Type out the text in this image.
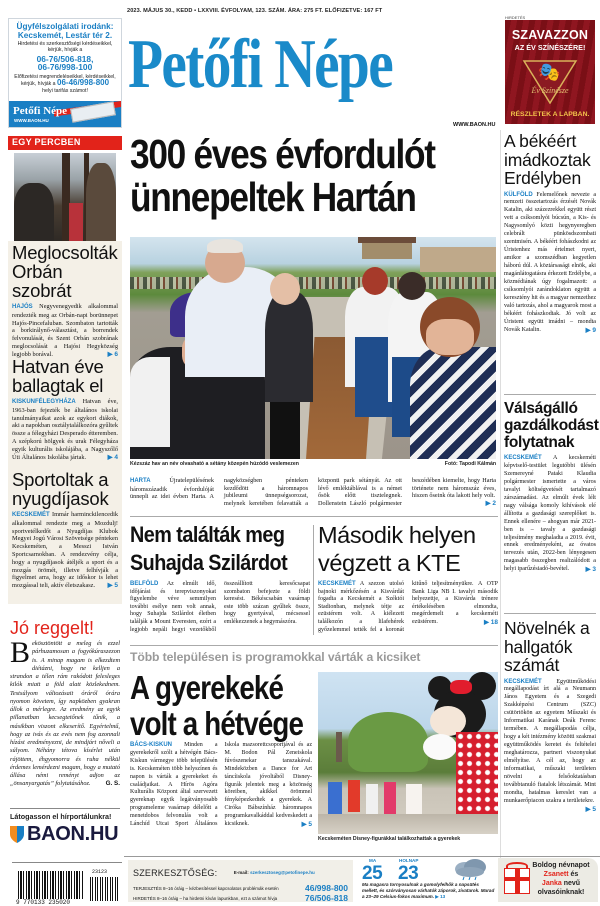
Ügyfélszolgálati irodánk:
Kecskemét, Lestár tér 2.
Hirdetési és szerkesztőségi kérdéseikkel, kérjük, hívják a
06-76/506-818,
06-76/998-100
Előfizetési megrendeléseikkel, kérdéseikkel, kérjük, hívják a 06-46/998-800
helyi tarifás számot!
Petőfi Népe
WWW.BAON.HU
EGY PERCBEN
Meglocsolták Orbán szobrát
HAJÓS Negyvenegyedik alkalommal rendezték meg az Orbán-napi borünnepet Hajós-Pincefaluban. Szombaton tartották a borkirálynő-választást, a borrendek felvonulását, és Szent Orbán szobrának meglocsolását a Hajósi Hegyközség legjobb borával.	▶ 6
Hatvan éve ballagtak el
KISKUNFÉLEGYHÁZA Hatvan éve, 1963-ban fejezték be általános iskolai tanulmányaikat azok az egykori diákok, aki a napokban osztálytalálkozóra gyűltek össze a félegyházi Desperado étteremben. A szépkorú hölgyek és urak Félegyháza egyik kulturális iskolájába, a Nagyszőlő Úti Általános Iskolába jártak.	▶ 4
Sportoltak a nyugdíjasok
KECSKEMÉT Immár harminckilencedik alkalommal rendezte meg a Mozdulj! sportvetélkedőt a Nyugdíjas Klubok Megyei Jogú Városi Szövetsége pénteken Kecskeméten, a Messzi István Sportcsarnokban. A rendezvény célja, hogy a nyugdíjasok átéljék a sport és a mozgás örömét, illetve felhívják a figyelmet arra, hogy az időskor is lehet mozgással teli, aktív életszakasz. ▶ 5
Jó reggelt!
B ekösztöntött a meleg és ezzel párhuzamosan a fogyókúraszezon is. A minap magam is elkezdtem diétázni, hogy ne kelljen a strandon a télen rám rakódott felesleges kilók miatt a föld alatt közlekednem. Testsúlyom változásait óráról órára nyomon követem, így napközben gyakran állok a mérlegre. Az eredmény az egyik pillanatban kecsegtetőnek tűnik, a másikban viszont elkeserítő. Egyértelmű, hogy az ivás és az evés nem fog azonnali hízást eredményezni, de mindjárt nőveli a súlyom. Néhány tétova kísérlet után rájöttem, éhgyomorra és ruha nélkül érdemes lemérdezni magam, hogy a mutató állása némi reményt adjon az „önsanyargatás” folytatásához. G. S.
Látogasson el hírportálunkra!
BAON.HU
9 770133 235020
23123
2023. MÁJUS 30., KEDD • LXXVIII. ÉVFOLYAM, 123. SZÁM. ÁRA: 275 FT. ELŐFIZETVE: 167 FT
Petőfi Népe
WWW.BAON.HU
HIRDETÉS
SZAVAZZON
AZ ÉV SZÍNÉSZÉRE!
🎭
Év Színésze
RÉSZLETEK A LAPBAN.
300 éves évfordulót
ünnepeltek Hartán
Kézszáz hav an név olvasható a sétány közepén húzódó veslemezen	Fotó: Tapodi Kálmán
HARTA	Újratelepülésének háromszázadik évfordulóját ünnepli az idei évben Harta. A nagyközségben pénteken kezdődött a háromnapos jubileumi ünnepségsorozat, melynek keretében felavatták a központi park sétányát. Az ott lévő emléktáblával is a német ősök előtt tisztelegnek. Dollenstein László polgármester beszédében kiemelte, hogy Harta története nem háromszáz éves, hiszen őseink óta lakott hely volt.
▶ 2
Nem találták meg
Suhajda Szilárdot
Második helyen
végzett a KTE
BELFÖLD Az elmúlt idő, időjárási és terepviszonyokat figyelembe véve semmilyen további esélye nem volt annak, hogy Suhajda Szilárdot életben találják a Mount Everesten, ezért a legjobb nepáli hegyi vezetőkből összeállított keresőcsapat szombaton befejezte a földi keresést. Békéscsabán vasárnap este több százan gyűltek össze, hogy gyertyával, mécsessel emlékezzenek a hegymászóra.
KECSKEMÉT A szezon utolsó bajnoki mérkőzésén a Kisvárdát fogadta a Kecskemét a Széktói Stadionban, melynek tétje az ezüstérem volt. A kiélezett találkozón a lilafehérek győzelemmel tették fel a koronát kitűnő teljesítményükre. A OTP Bank Liga NB I. tavalyi második helyezettje, a Kisvárda trénere értékelésében elmondta, megérdemelt a kecskeméti ezüstérem.	▶ 18
Több településen is programokkal várták a kicsiket
A gyerekeké
volt a hétvége
BÁCS-KISKUN Minden a gyerekekről szólt a hétvégén Bács-Kiskun vármegye több településén is. Kecskeméten több helyszínen és napon is várták a gyerekeket és családjaikat. A Hírös Agóra Kulturális Központ által szervezett gyereknap egyik legátványosabb programeleme vasárnap délelőtt a menetdobos felvonulás volt a Lánchíd Utcai Sport Általános Iskola mazsorettcsoportjával és az M. Bodon Pál Zeneiskola fúvószenekar tanszakával. Mindeközben a Dance for Art táncíiskola jóvoltából Disney-figurák jelentek meg a közönség köreiben, akikkel örömmel fényképezkedtek a gyerekek. A Ciróka Bábszínház háromnapos programkavalkáddal kedveskedett a kicsiknek.	▶ 5
Kecskeméten Disney-figurákkal találkozhattak a gyerekek
A békéért imádkoztak Erdélyben
KÜLFÖLD Felemelőnek nevezte a nemzeti összetartozás érzését Novák Katalin, aki százezrekkel együtt részt vett a csíksomlyói búcsún, a Kis- és Nagysomlyó közti hegynyeregben celebrált pünkösdszombati szentmisén. A békéért fohászkodni az Úristenhez más értelmet nyert, amikor a szomszédban kegyetlen háború dúl. A köztársasági elnök, aki magánlátogatásra érkezett Erdélybe, a közmédiának úgy fogalmazott: a csíksomlyói zarándoklaton együtt a keresztény hit és a magyar nemzethez való tartozás, ahol a magyarok most a békéért fohászkodtak. Jó volt az Úristent együtt imádni – mondta Novák Katalin.	▶ 9
Válságálló gazdálkodást folytatnak
KECSKEMÉT A kecskeméti képviselő-testület legutóbbi ülésén Szemereyné Pataki Klaudia polgármester ismertette a város tavalyi költségvetését tartalmazó zárszámadást. Az elmúlt évek lélt nagy válsága komoly kihívások elé állította a gazdasági szereplőket is. Ennek ellenére – ahogyan már 2021-ben is – tavaly a gazdasági teljesítmény meghaladta a 2019. évit, ennek eredményeként, az óvatos tervezés után, 2022-ben lényegesen magasabb összegben realizálódott a helyi iparűzésiadó-bevétel.	▶ 3
Növelnék a hallgatók számát
KECSKEMÉT Együttműködési megállapodást írt alá a Neumann János Egyetem és a Szegedi Szakképzési Centrum (SZC) csütörtökön az egyetem Műszaki és Informatikai Karának Deák Ferenc termében. A megállapodás célja, hogy a két intézmény közötti szakmai együttműködés keretei és feltételei meghatározza, partneri viszonyukat elmélyítse. A cél az, hogy az informatikai, műszaki területen növelni a felsőoktatásban továbbtanuló fiatalok létszámát. Mint mondta, hatalmas kereslet van a munkaerőpiacon szakra a területekre.
▶ 5
SZERKESZTŐSÉG:	E-mail: szerkesztoseg@petofinepe.hu
TERJESZTÉS 8–16 óráig – kézbesítéssel kapcsolatos problémák esetén	46/998-800
HIRDETÉS 8–16 óráig – ha hirdetni kíván lapunkban, ezt a számot hívja	76/506-818
MA
25
HOLNAP
23
Ma magasra tornyosulnak a gomolyfelhők a napsütés mellett, és szórványosan várhatók záporok, zivatarok. Marad a 23–29 Celsius-fokos maximum. ▶ 13
Boldog névnapot
Zsanett és
Janka nevű
olvasóinknak!
